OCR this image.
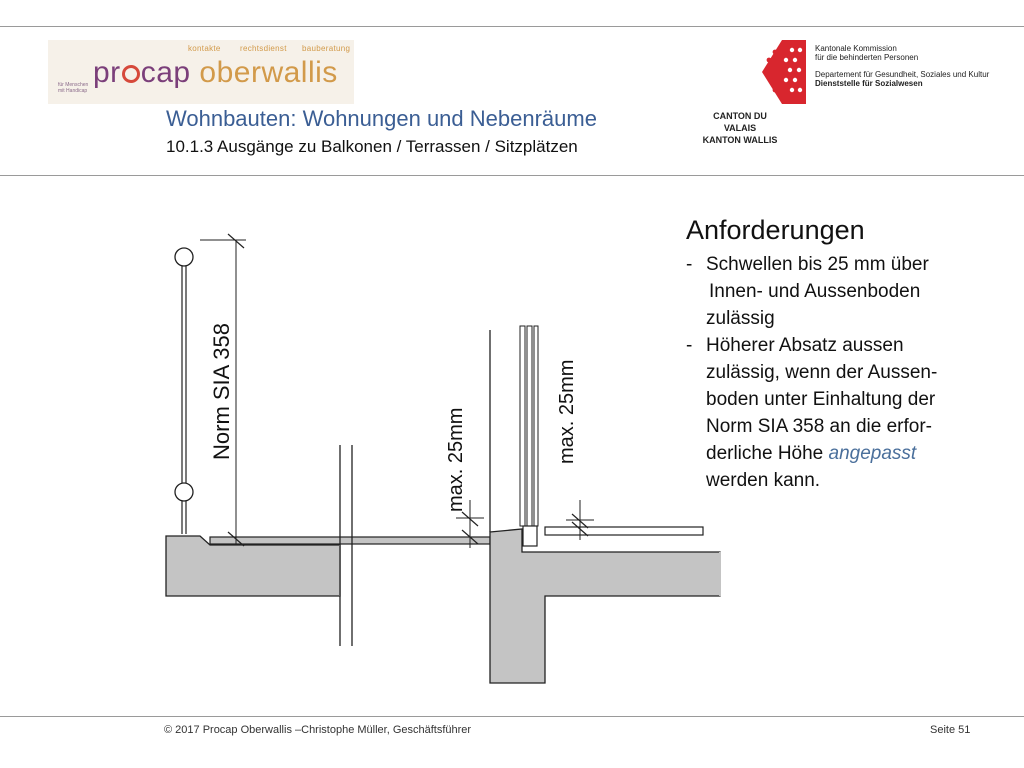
kontakte rechtsdienst bauberatung
pr cap oberwallis
für Menschen
mit Handicap
Wohnbauten: Wohnungen und Nebenräume
10.1.3 Ausgänge zu Balkonen / Terrassen / Sitzplätzen
Kantonale Kommission
für die behinderten Personen
Departement für Gesundheit, Soziales und Kultur
Dienststelle für Sozialwesen
CANTON DU VALAIS
KANTON WALLIS
Norm SIA 358	max. 25mm	max. 25mm
Anforderungen
- Schwellen bis 25 mm über
Innen- und Aussenboden
zulässig
- Höherer Absatz aussen
zulässig, wenn der Aussen-
boden unter Einhaltung der
Norm SIA 358 an die erfor-
derliche Höhe angepasst
werden kann.
© 2017 Procap Oberwallis –Christophe Müller, Geschäftsführer	Seite 51
